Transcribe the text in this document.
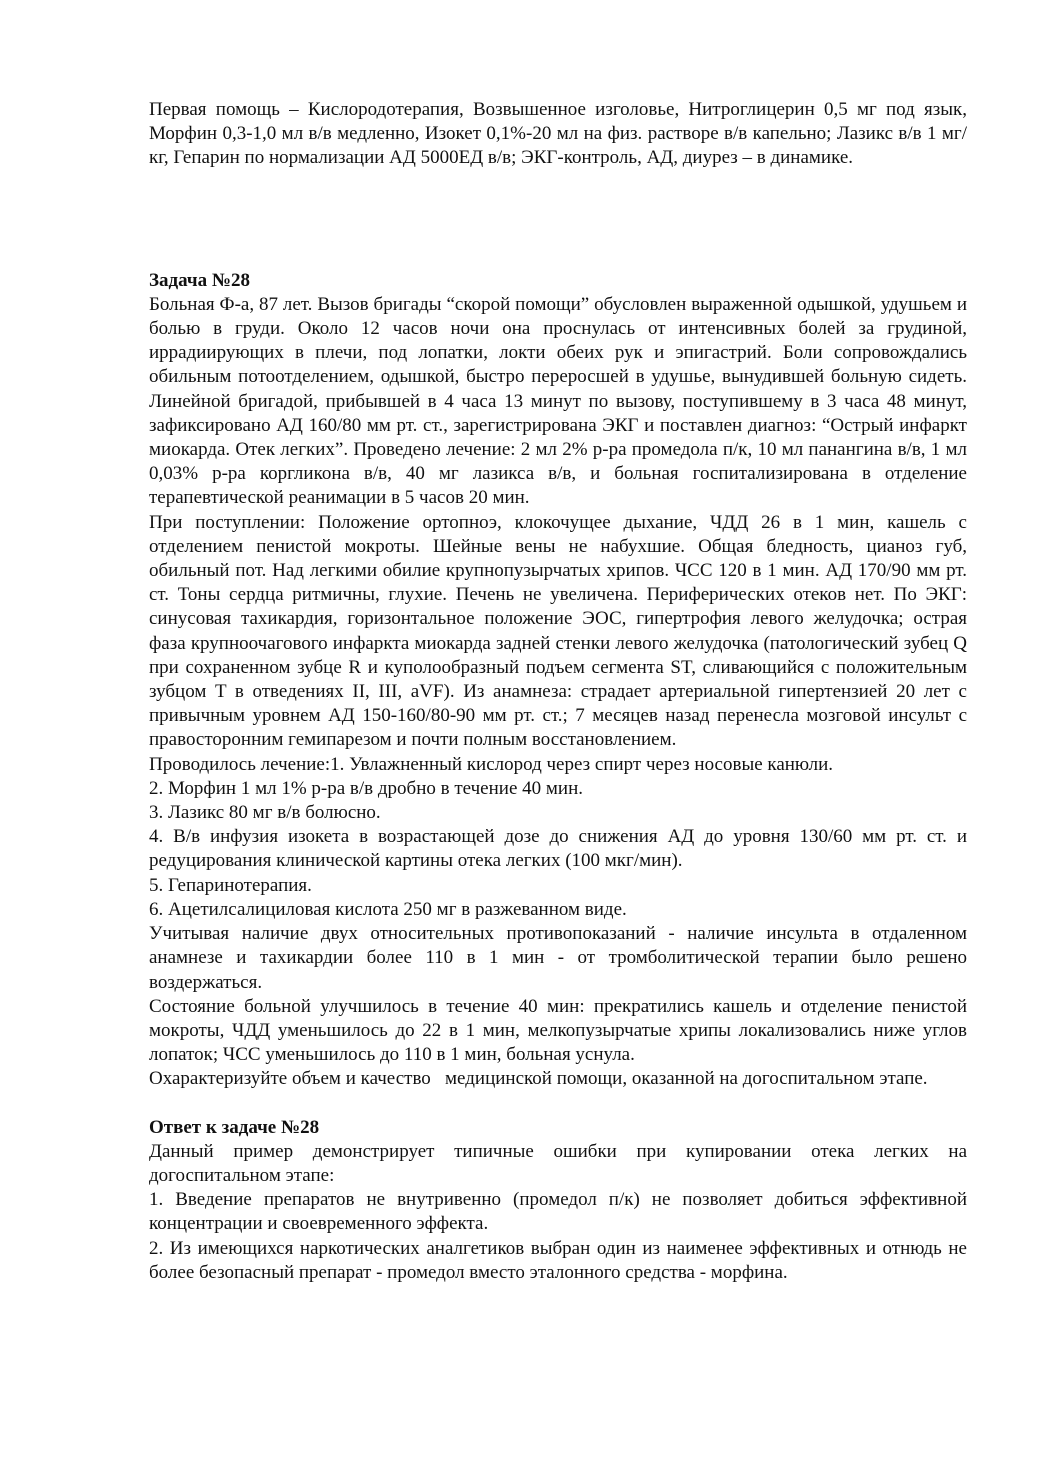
Первая помощь – Кислородотерапия, Возвышенное изголовье, Нитроглицерин 0,5 мг под язык, Морфин 0,3-1,0 мл в/в медленно, Изокет 0,1%-20 мл на физ. растворе в/в капельно; Лазикс в/в 1 мг/кг, Гепарин по нормализации АД 5000ЕД в/в; ЭКГ-контроль, АД, диурез – в динамике.

Задача №28

Больная Ф-а, 87 лет. Вызов бригады “скорой помощи” обусловлен выраженной одышкой, удушьем и болью в груди. Около 12 часов ночи она проснулась от интенсивных болей за грудиной, иррадиирующих в плечи, под лопатки, локти обеих рук и эпигастрий. Боли сопровождались обильным потоотделением, одышкой, быстро переросшей в удушье, вынудившей больную сидеть. Линейной бригадой, прибывшей в 4 часа 13 минут по вызову, поступившему в 3 часа 48 минут, зафиксировано АД 160/80 мм рт. ст., зарегистрирована ЭКГ и поставлен диагноз: “Острый инфаркт миокарда. Отек легких”. Проведено лечение: 2 мл 2% р-ра промедола п/к, 10 мл панангина в/в, 1 мл 0,03% р-ра коргликона в/в, 40 мг лазикса в/в, и больная госпитализирована в отделение терапевтической реанимации в 5 часов 20 мин.

При поступлении: Положение ортопноэ, клокочущее дыхание, ЧДД 26 в 1 мин, кашель с отделением пенистой мокроты. Шейные вены не набухшие. Общая бледность, цианоз губ, обильный пот. Над легкими обилие крупнопузырчатых хрипов. ЧСС 120 в 1 мин. АД 170/90 мм рт. ст. Тоны сердца ритмичны, глухие. Печень не увеличена. Периферических отеков нет. По ЭКГ: синусовая тахикардия, горизонтальное положение ЭОС, гипертрофия левого желудочка; острая фаза крупноочагового инфаркта миокарда задней стенки левого желудочка (патологический зубец Q при сохраненном зубце R и куполообразный подъем сегмента ST, сливающийся с положительным зубцом T в отведениях II, III, aVF). Из анамнеза: страдает артериальной гипертензией 20 лет с привычным уровнем АД 150-160/80-90 мм рт. ст.; 7 месяцев назад перенесла мозговой инсульт с правосторонним гемипарезом и почти полным восстановлением.

Проводилось лечение:1. Увлажненный кислород через спирт через носовые канюли.

2. Морфин 1 мл 1% р-ра в/в дробно в течение 40 мин.

3. Лазикс 80 мг в/в болюсно.

4. В/в инфузия изокета в возрастающей дозе до снижения АД до уровня 130/60 мм рт. ст. и редуцирования клинической картины отека легких (100 мкг/мин).

5. Гепаринотерапия.

6. Ацетилсалициловая кислота 250 мг в разжеванном виде.

Учитывая наличие двух относительных противопоказаний - наличие инсульта в отдаленном анамнезе и тахикардии более 110 в 1 мин - от тромболитической терапии было решено воздержаться.

Состояние больной улучшилось в течение 40 мин: прекратились кашель и отделение пенистой мокроты, ЧДД уменьшилось до 22 в 1 мин, мелкопузырчатые хрипы локализовались ниже углов лопаток; ЧСС уменьшилось до 110 в 1 мин, больная уснула.

Охарактеризуйте объем и качество   медицинской помощи, оказанной на догоспитальном этапе.

Ответ к задаче №28

Данный пример демонстрирует типичные ошибки при купировании отека легких на догоспитальном этапе:

1. Введение препаратов не внутривенно (промедол п/к) не позволяет добиться эффективной концентрации и своевременного эффекта.

2. Из имеющихся наркотических аналгетиков выбран один из наименее эффективных и отнюдь не более безопасный препарат - промедол вместо эталонного средства - морфина.
